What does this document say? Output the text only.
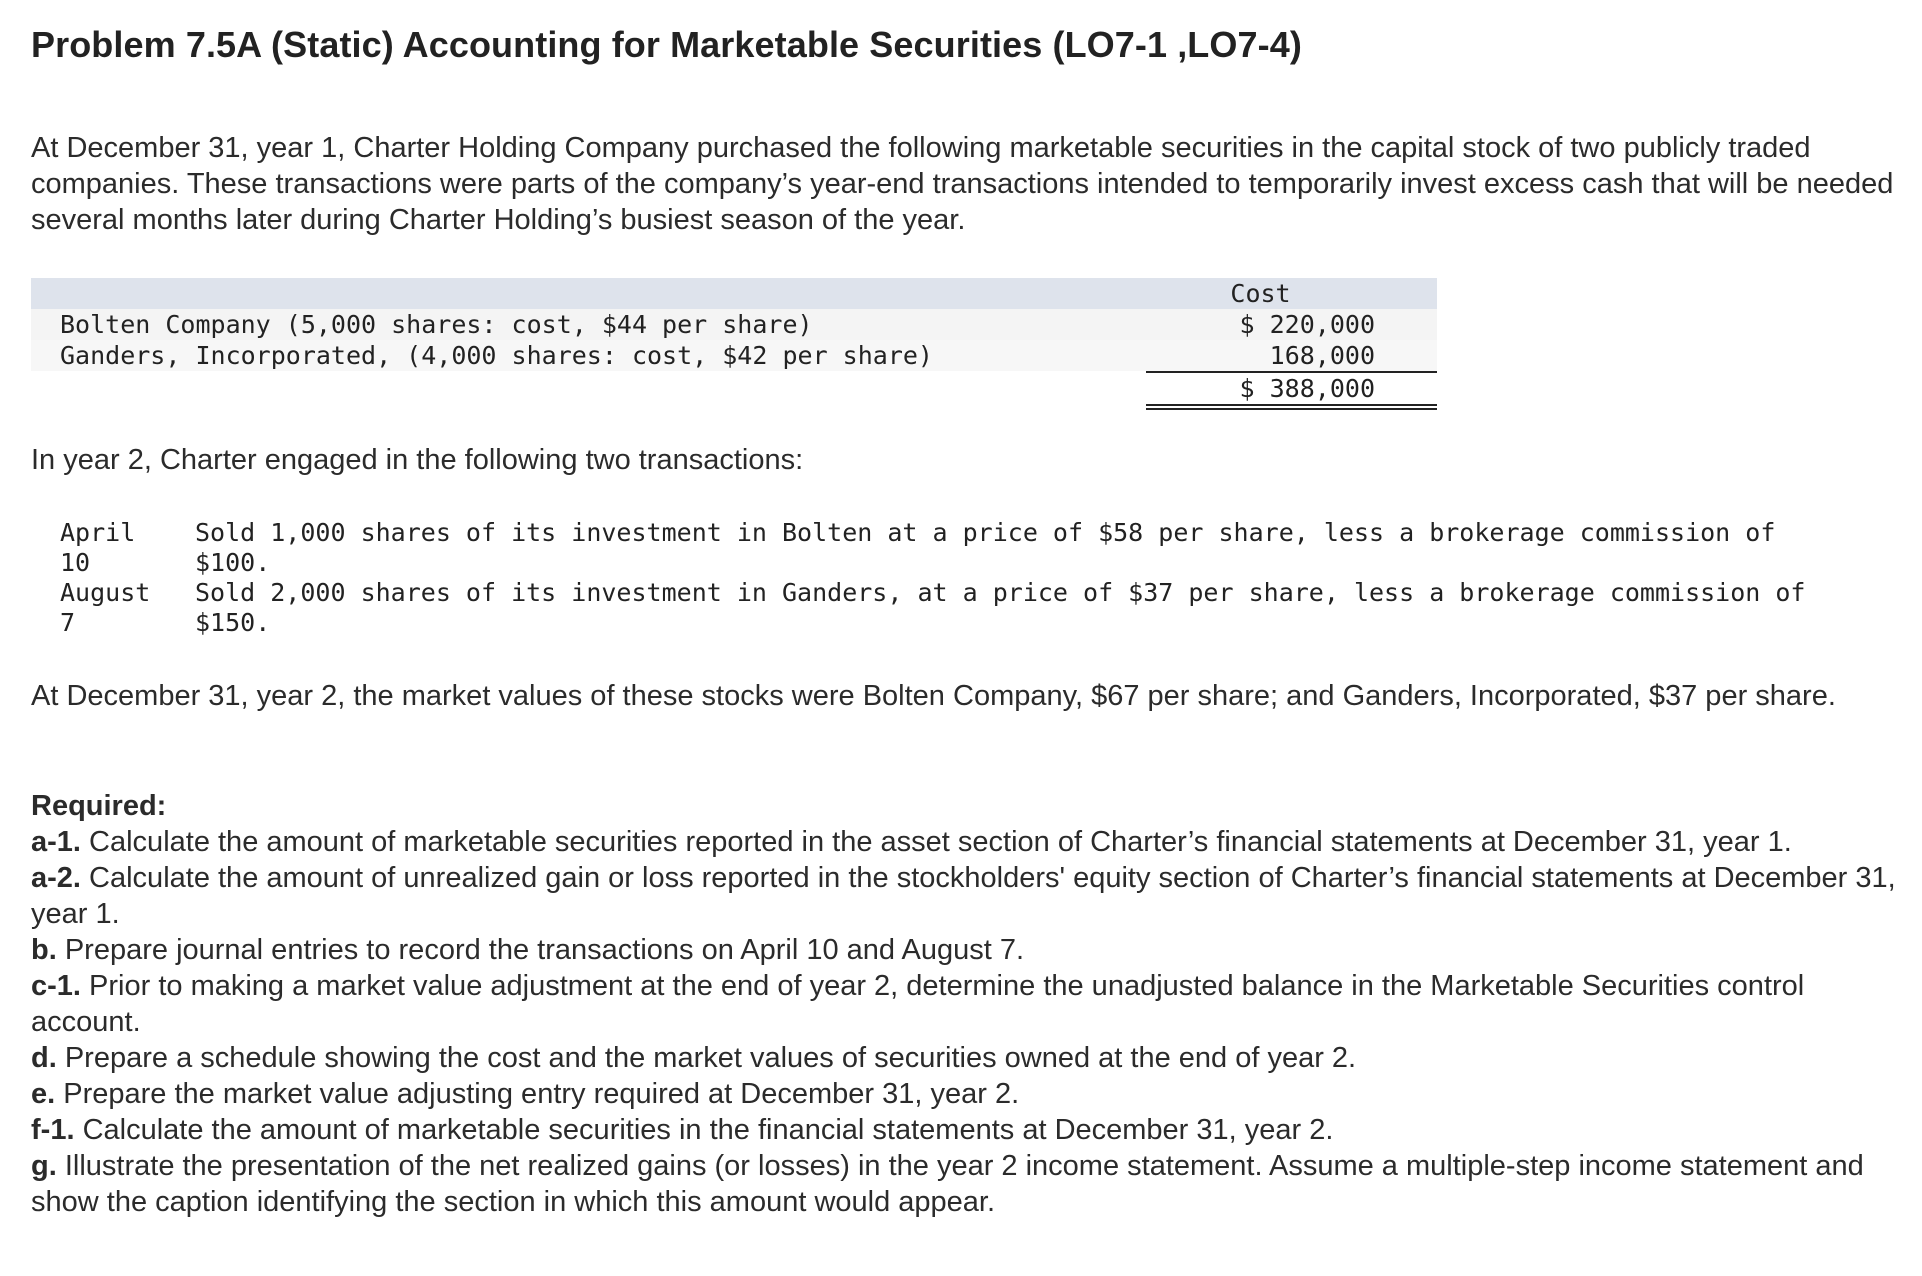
Problem 7.5A (Static) Accounting for Marketable Securities (LO7-1 ,LO7-4)

At December 31, year 1, Charter Holding Company purchased the following marketable securities in the capital stock of two publicly traded companies. These transactions were parts of the company’s year-end transactions intended to temporarily invest excess cash that will be needed several months later during Charter Holding’s busiest season of the year.

Cost
Bolten Company (5,000 shares: cost, $44 per share)	$ 220,000
Ganders, Incorporated, (4,000 shares: cost, $42 per share)	168,000
$ 388,000

In year 2, Charter engaged in the following two transactions:

April
10
Sold 1,000 shares of its investment in Bolten at a price of $58 per share, less a brokerage commission of
$100.
August
7
Sold 2,000 shares of its investment in Ganders, at a price of $37 per share, less a brokerage commission of
$150.

At December 31, year 2, the market values of these stocks were Bolten Company, $67 per share; and Ganders, Incorporated, $37 per share.

Required:
a-1. Calculate the amount of marketable securities reported in the asset section of Charter’s financial statements at December 31, year 1.
a-2. Calculate the amount of unrealized gain or loss reported in the stockholders' equity section of Charter’s financial statements at December 31, year 1.
b. Prepare journal entries to record the transactions on April 10 and August 7.
c-1. Prior to making a market value adjustment at the end of year 2, determine the unadjusted balance in the Marketable Securities control account.
d. Prepare a schedule showing the cost and the market values of securities owned at the end of year 2.
e. Prepare the market value adjusting entry required at December 31, year 2.
f-1. Calculate the amount of marketable securities in the financial statements at December 31, year 2.
g. Illustrate the presentation of the net realized gains (or losses) in the year 2 income statement. Assume a multiple-step income statement and show the caption identifying the section in which this amount would appear.
